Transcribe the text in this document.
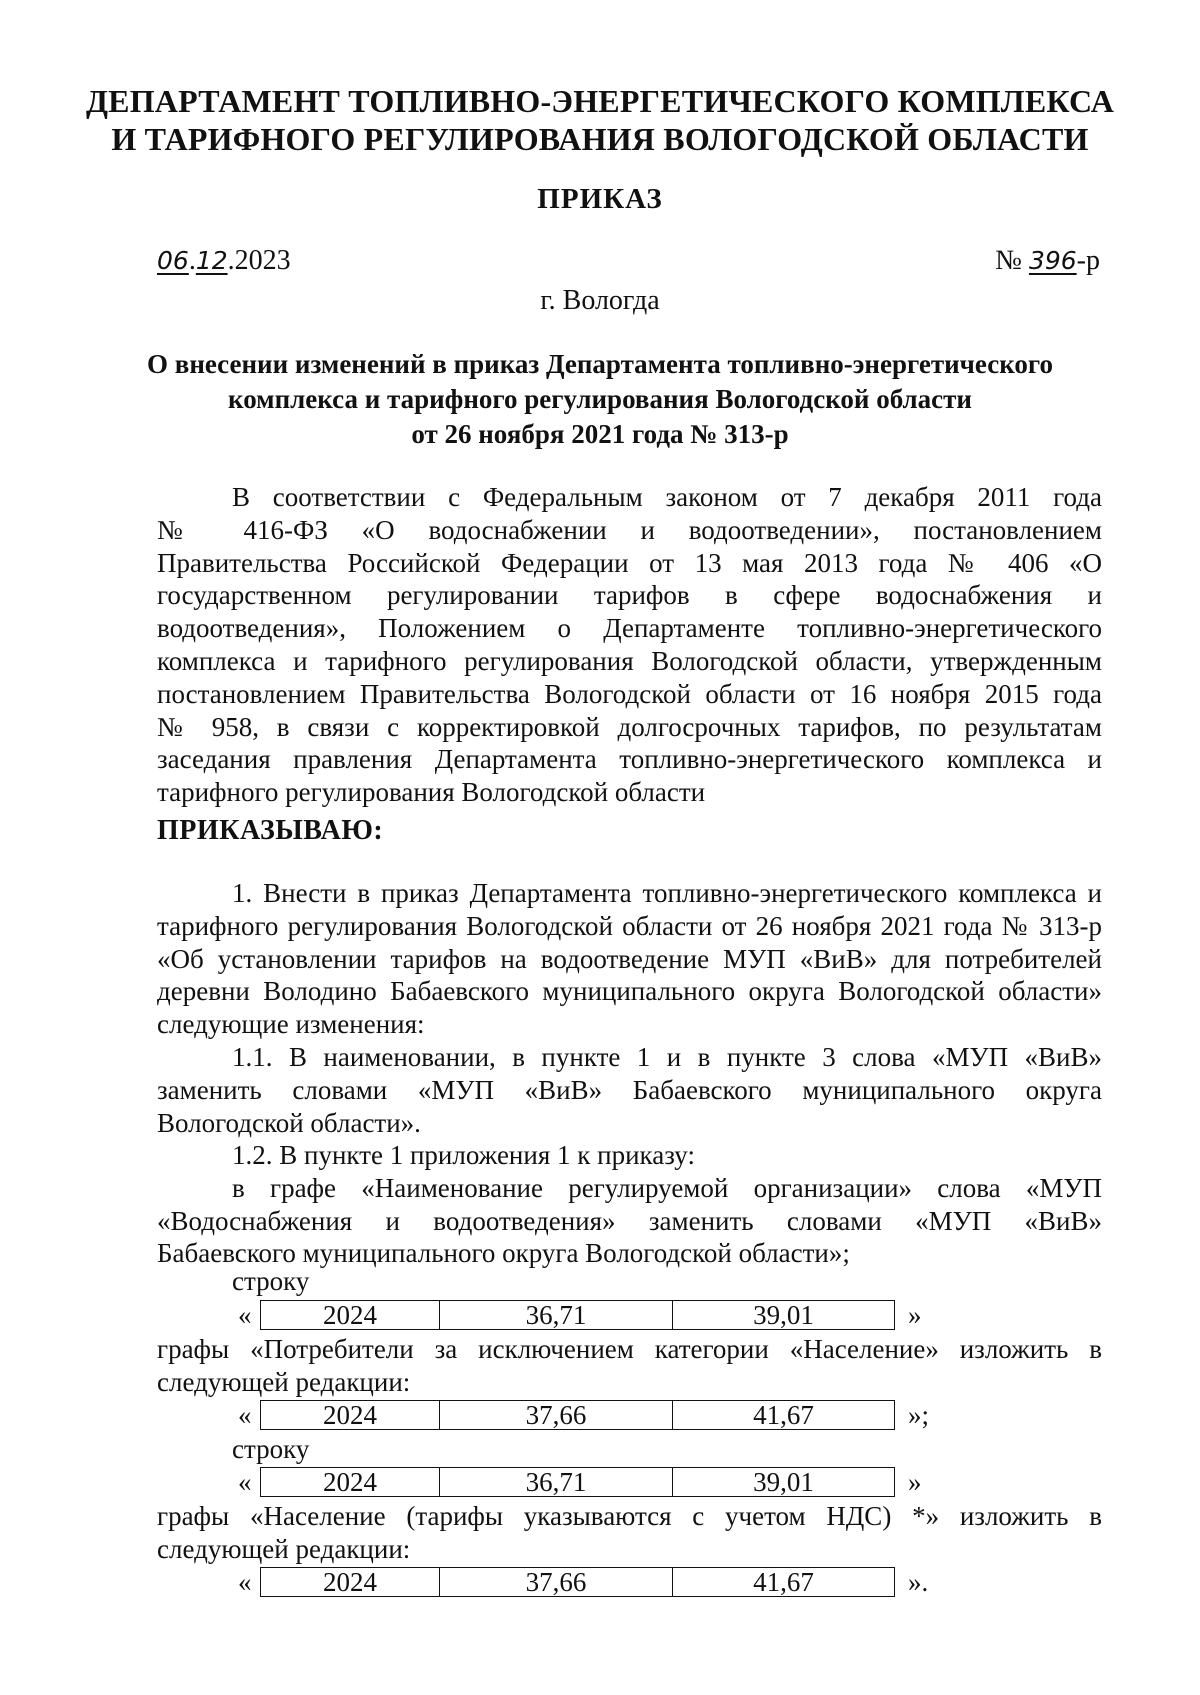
ДЕПАРТАМЕНТ ТОПЛИВНО-ЭНЕРГЕТИЧЕСКОГО КОМПЛЕКСА
И ТАРИФНОГО РЕГУЛИРОВАНИЯ ВОЛОГОДСКОЙ ОБЛАСТИ
ПРИКАЗ
06.12.2023	№ 396-р
г. Вологда
О внесении изменений в приказ Департамента топливно-энергетического
комплекса и тарифного регулирования Вологодской области
от 26 ноября 2021 года № 313-р
В соответствии с Федеральным законом от 7 декабря 2011 года
№ 416-ФЗ «О водоснабжении и водоотведении», постановлением
Правительства Российской Федерации от 13 мая 2013 года № 406 «О
государственном регулировании тарифов в сфере водоснабжения и
водоотведения», Положением о Департаменте топливно-энергетического
комплекса и тарифного регулирования Вологодской области, утвержденным
постановлением Правительства Вологодской области от 16 ноября 2015 года
№ 958, в связи с корректировкой долгосрочных тарифов, по результатам
заседания правления Департамента топливно-энергетического комплекса и
тарифного регулирования Вологодской области
ПРИКАЗЫВАЮ:
1. Внести в приказ Департамента топливно-энергетического комплекса и
тарифного регулирования Вологодской области от 26 ноября 2021 года № 313-р
«Об установлении тарифов на водоотведение МУП «ВиВ» для потребителей
деревни Володино Бабаевского муниципального округа Вологодской области»
следующие изменения:
1.1. В наименовании, в пункте 1 и в пункте 3 слова «МУП «ВиВ»
заменить словами «МУП «ВиВ» Бабаевского муниципального округа
Вологодской области».
1.2. В пункте 1 приложения 1 к приказу:
в графе «Наименование регулируемой организации» слова «МУП
«Водоснабжения и водоотведения» заменить словами «МУП «ВиВ»
Бабаевского муниципального округа Вологодской области»;
строку
«	2024	36,71	39,01	»
графы «Потребители за исключением категории «Население» изложить в
следующей редакции:
«	2024	37,66	41,67	»;
строку
«	2024	36,71	39,01	»
графы «Население (тарифы указываются с учетом НДС) *» изложить в
следующей редакции:
«	2024	37,66	41,67	».
